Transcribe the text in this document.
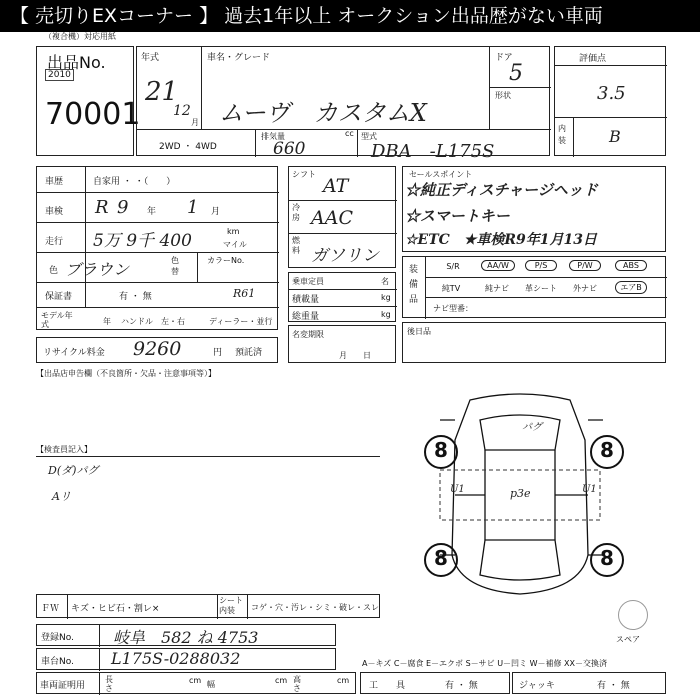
【 売切りEXコーナー 】 過去1年以上 オークション出品歴がない車両
（複合機）対応用紙
出品No.
2010
70001
年式
21
12
月
車名・グレード
ムーヴ　カスタムX
ドア
5
形状
2WD ・ 4WD
排気量	cc
660
型式
DBA　-L175S
評価点
3.5
内装	B
車歴	自家用 ・ ・（　　）
車検 R 9 年 1 月
走行 5万 9千 400	km
マイル
色 ブラウン	色替
カラーNo.
保証書	有 ・ 無	R61
モデル年式	年 ハンドル　左・右	ディーラー・並行
リサイクル料金 9260	円 預託済
シフト
AT
冷房 AAC
燃料 ガソリン
乗車定員	名
積載量	kg
総重量	kg
名変期限
月　　日
セールスポイント
☆純正ディスチャージヘッド
☆スマートキー
☆ETC　★車検R9年1月13日
装備品
S/R	AA/W	P/S	P/W	ABS
純TV	純ナビ	革シート	外ナビ	エアB
ナビ型番：
後日品
【出品店申告欄（不良箇所・欠品・注意事項等）】
【検査員記入】
D(ダ)パグ
Aリ
8	8
8	8
パグ
U1	p3e	U1
スペア
ＦＷ キズ・ヒビ石・割レ×
シート内装	コゲ・穴・汚レ・シミ・破レ・スレ
登録No. 岐阜　582 ね 4753
車台No. L175S-0288032	A－キズ C－腐食 E－エクボ S－サビ U－凹ミ W－補修 XX－交換済
車両証明用
長さ
cm 幅	cm 高さ
cm
工　　具	有 ・ 無	ジャッキ	有 ・ 無
